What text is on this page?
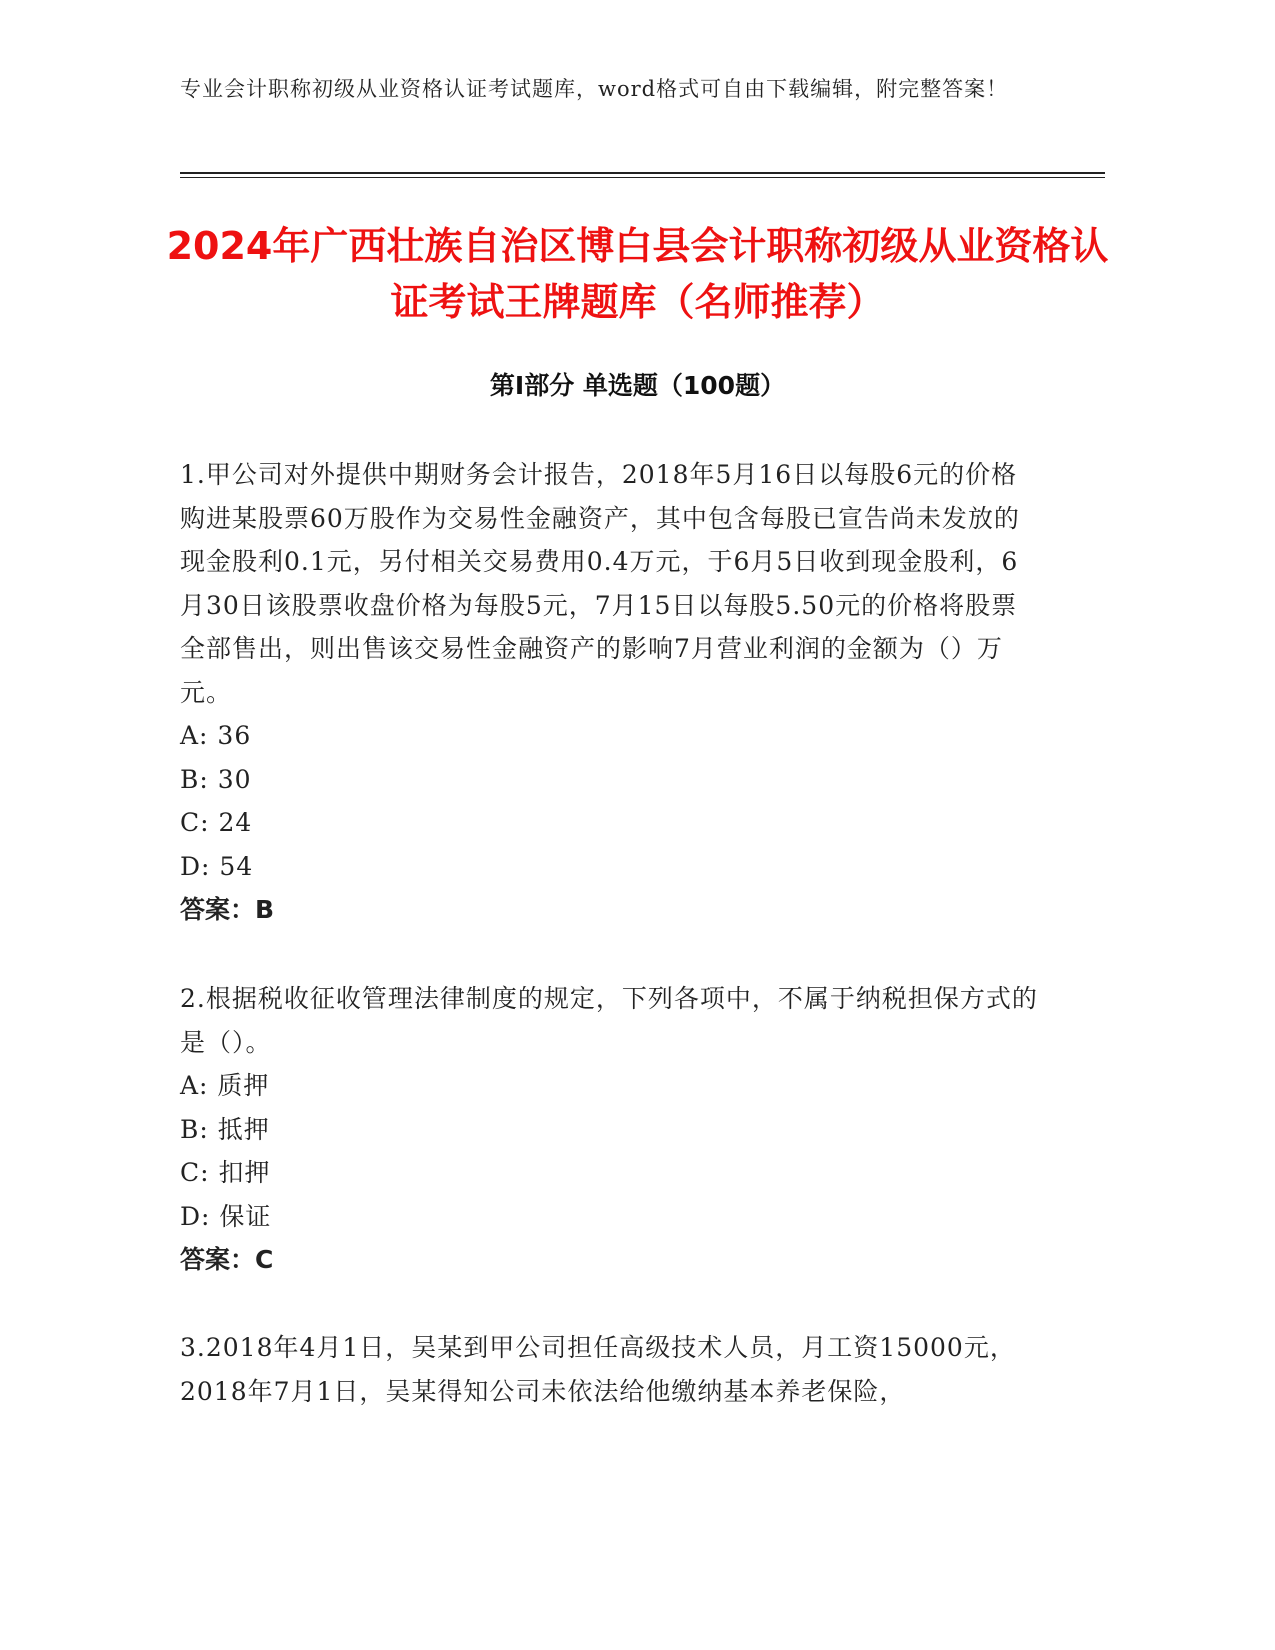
专业会计职称初级从业资格认证考试题库，word格式可自由下载编辑，附完整答案！
2024年广西壮族自治区博白县会计职称初级从业资格认证考试王牌题库（名师推荐）
第Ⅰ部分 单选题（100题）

1.甲公司对外提供中期财务会计报告，2018年5月16日以每股6元的价格购进某股票60万股作为交易性金融资产，其中包含每股已宣告尚未发放的现金股利0.1元，另付相关交易费用0.4万元，于6月5日收到现金股利，6月30日该股票收盘价格为每股5元，7月15日以每股5.50元的价格将股票全部售出，则出售该交易性金融资产的影响7月营业利润的金额为（）万元。

A: 36

B: 30

C: 24

D: 54

答案：B

2.根据税收征收管理法律制度的规定，下列各项中，不属于纳税担保方式的是（）。

A: 质押

B: 抵押

C: 扣押

D: 保证

答案：C

3.2018年4月1日，吴某到甲公司担任高级技术人员，月工资15000元，2018年7月1日，吴某得知公司未依法给他缴纳基本养老保险，
